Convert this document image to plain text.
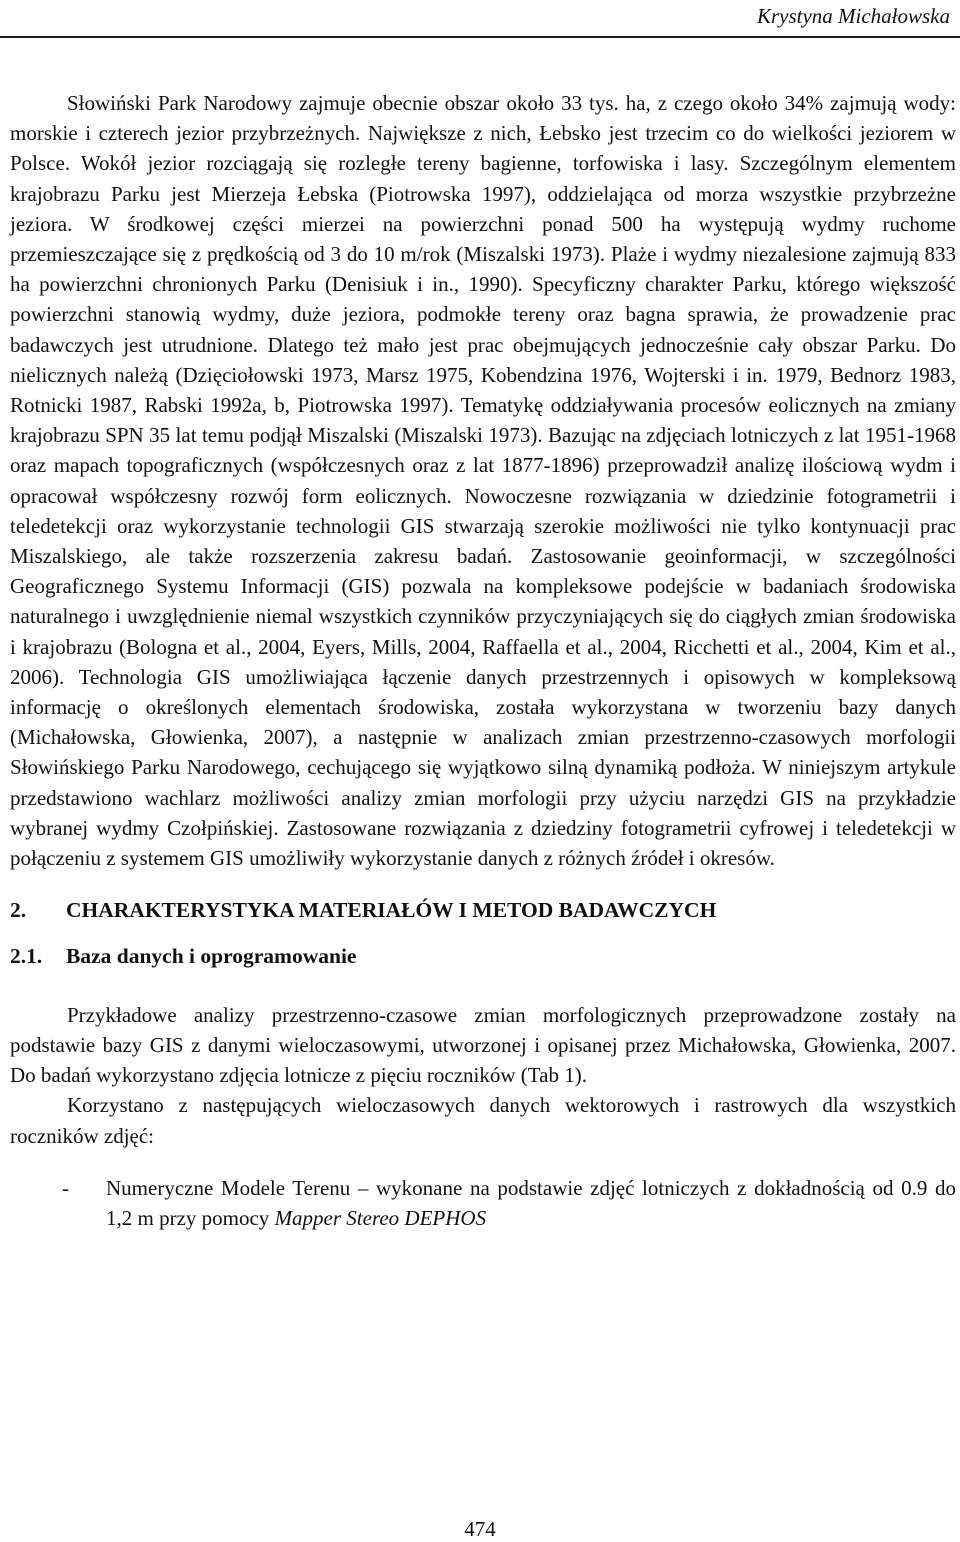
Krystyna Michałowska

Słowiński Park Narodowy zajmuje obecnie obszar około 33 tys. ha, z czego około 34% zajmują wody: morskie i czterech jezior przybrzeżnych. Największe z nich, Łebsko jest trzecim co do wielkości jeziorem w Polsce. Wokół jezior rozciągają się rozległe tereny bagienne, torfowiska i lasy. Szczególnym elementem krajobrazu Parku jest Mierzeja Łebska (Piotrowska 1997), oddzielająca od morza wszystkie przybrzeżne jeziora. W środkowej części mierzei na powierzchni ponad 500 ha występują wydmy ruchome przemieszczające się z prędkością od 3 do 10 m/rok (Miszalski 1973). Plaże i wydmy niezalesione zajmują 833 ha powierzchni chronionych Parku (Denisiuk i in., 1990). Specyficzny charakter Parku, którego większość powierzchni stanowią wydmy, duże jeziora, podmokłe tereny oraz bagna sprawia, że prowadzenie prac badawczych jest utrudnione. Dlatego też mało jest prac obejmujących jednocześnie cały obszar Parku. Do nielicznych należą (Dzięciołowski 1973, Marsz 1975, Kobendzina 1976, Wojterski i in. 1979, Bednorz 1983, Rotnicki 1987, Rabski 1992a, b, Piotrowska 1997). Tematykę oddziaływania procesów eolicznych na zmiany krajobrazu SPN 35 lat temu podjął Miszalski (Miszalski 1973). Bazując na zdjęciach lotniczych z lat 1951-1968 oraz mapach topograficznych (współczesnych oraz z lat 1877-1896) przeprowadził analizę ilościową wydm i opracował współczesny rozwój form eolicznych. Nowoczesne rozwiązania w dziedzinie fotogrametrii i teledetekcji oraz wykorzystanie technologii GIS stwarzają szerokie możliwości nie tylko kontynuacji prac Miszalskiego, ale także rozszerzenia zakresu badań. Zastosowanie geoinformacji, w szczególności Geograficznego Systemu Informacji (GIS) pozwala na kompleksowe podejście w badaniach środowiska naturalnego i uwzględnienie niemal wszystkich czynników przyczyniających się do ciągłych zmian środowiska i krajobrazu (Bologna et al., 2004, Eyers, Mills, 2004, Raffaella et al., 2004, Ricchetti et al., 2004, Kim et al., 2006). Technologia GIS umożliwiająca łączenie danych przestrzennych i opisowych w kompleksową informację o określonych elementach środowiska, została wykorzystana w tworzeniu bazy danych (Michałowska, Głowienka, 2007), a następnie w analizach zmian przestrzenno-czasowych morfologii Słowińskiego Parku Narodowego, cechującego się wyjątkowo silną dynamiką podłoża. W niniejszym artykule przedstawiono wachlarz możliwości analizy zmian morfologii przy użyciu narzędzi GIS na przykładzie wybranej wydmy Czołpińskiej. Zastosowane rozwiązania z dziedziny fotogrametrii cyfrowej i teledetekcji w połączeniu z systemem GIS umożliwiły wykorzystanie danych z różnych źródeł i okresów.

2.	CHARAKTERYSTYKA MATERIAŁÓW I METOD BADAWCZYCH
2.1.	Baza danych i oprogramowanie

Przykładowe analizy przestrzenno-czasowe zmian morfologicznych przeprowadzone zostały na podstawie bazy GIS z danymi wieloczasowymi, utworzonej i opisanej przez Michałowska, Głowienka, 2007. Do badań wykorzystano zdjęcia lotnicze z pięciu roczników (Tab 1).

Korzystano z następujących wieloczasowych danych wektorowych i rastrowych dla wszystkich roczników zdjęć:

-	Numeryczne Modele Terenu – wykonane na podstawie zdjęć lotniczych z dokładnością od 0.9 do 1,2 m przy pomocy Mapper Stereo DEPHOS
474
